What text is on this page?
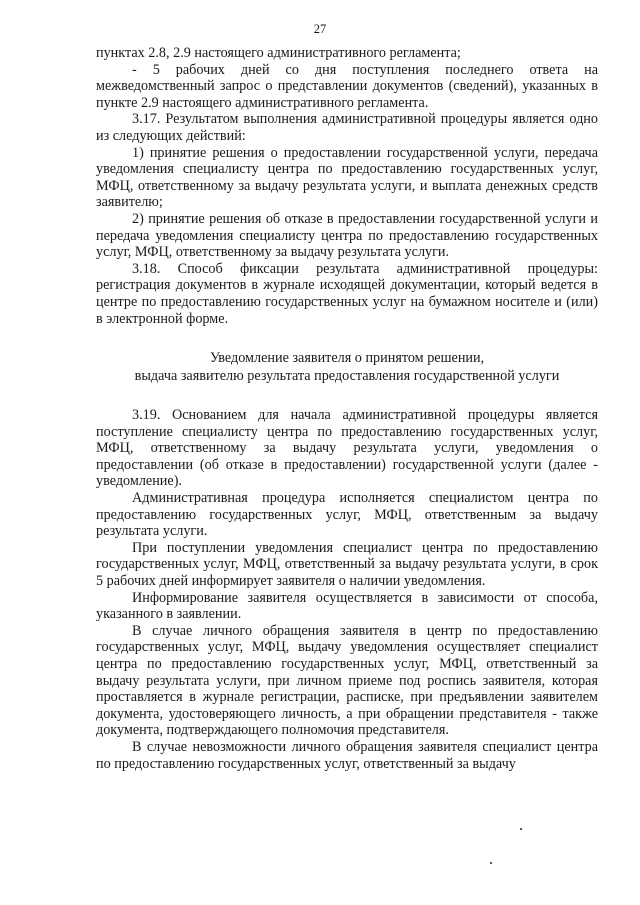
27

пунктах 2.8, 2.9 настоящего административного регламента;

- 5 рабочих дней со дня поступления последнего ответа на межведомственный запрос о представлении документов (сведений), указанных в пункте 2.9 настоящего административного регламента.

3.17. Результатом выполнения административной процедуры является одно из следующих действий:

1) принятие решения о предоставлении государственной услуги, передача уведомления специалисту центра по предоставлению государственных услуг, МФЦ, ответственному за выдачу результата услуги, и выплата денежных средств заявителю;

2) принятие решения об отказе в предоставлении государственной услуги и передача уведомления специалисту центра по предоставлению государственных услуг, МФЦ, ответственному за выдачу результата услуги.

3.18. Способ фиксации результата административной процедуры: регистрация документов в журнале исходящей документации, который ведется в центре по предоставлению государственных услуг на бумажном носителе и (или) в электронной форме.

Уведомление заявителя о принятом решении,
выдача заявителю результата предоставления государственной услуги

3.19. Основанием для начала административной процедуры является поступление специалисту центра по предоставлению государственных услуг, МФЦ, ответственному за выдачу результата услуги, уведомления о предоставлении (об отказе в предоставлении) государственной услуги (далее - уведомление).

Административная процедура исполняется специалистом центра по предоставлению государственных услуг, МФЦ, ответственным за выдачу результата услуги.

При поступлении уведомления специалист центра по предоставлению государственных услуг, МФЦ, ответственный за выдачу результата услуги, в срок 5 рабочих дней информирует заявителя о наличии уведомления.

Информирование заявителя осуществляется в зависимости от способа, указанного в заявлении.

В случае личного обращения заявителя в центр по предоставлению государственных услуг, МФЦ, выдачу уведомления осуществляет специалист центра по предоставлению государственных услуг, МФЦ, ответственный за выдачу результата услуги, при личном приеме под роспись заявителя, которая проставляется в журнале регистрации, расписке, при предъявлении заявителем документа, удостоверяющего личность, а при обращении представителя - также документа, подтверждающего полномочия представителя.

В случае невозможности личного обращения заявителя специалист центра по предоставлению государственных услуг, ответственный за выдачу
